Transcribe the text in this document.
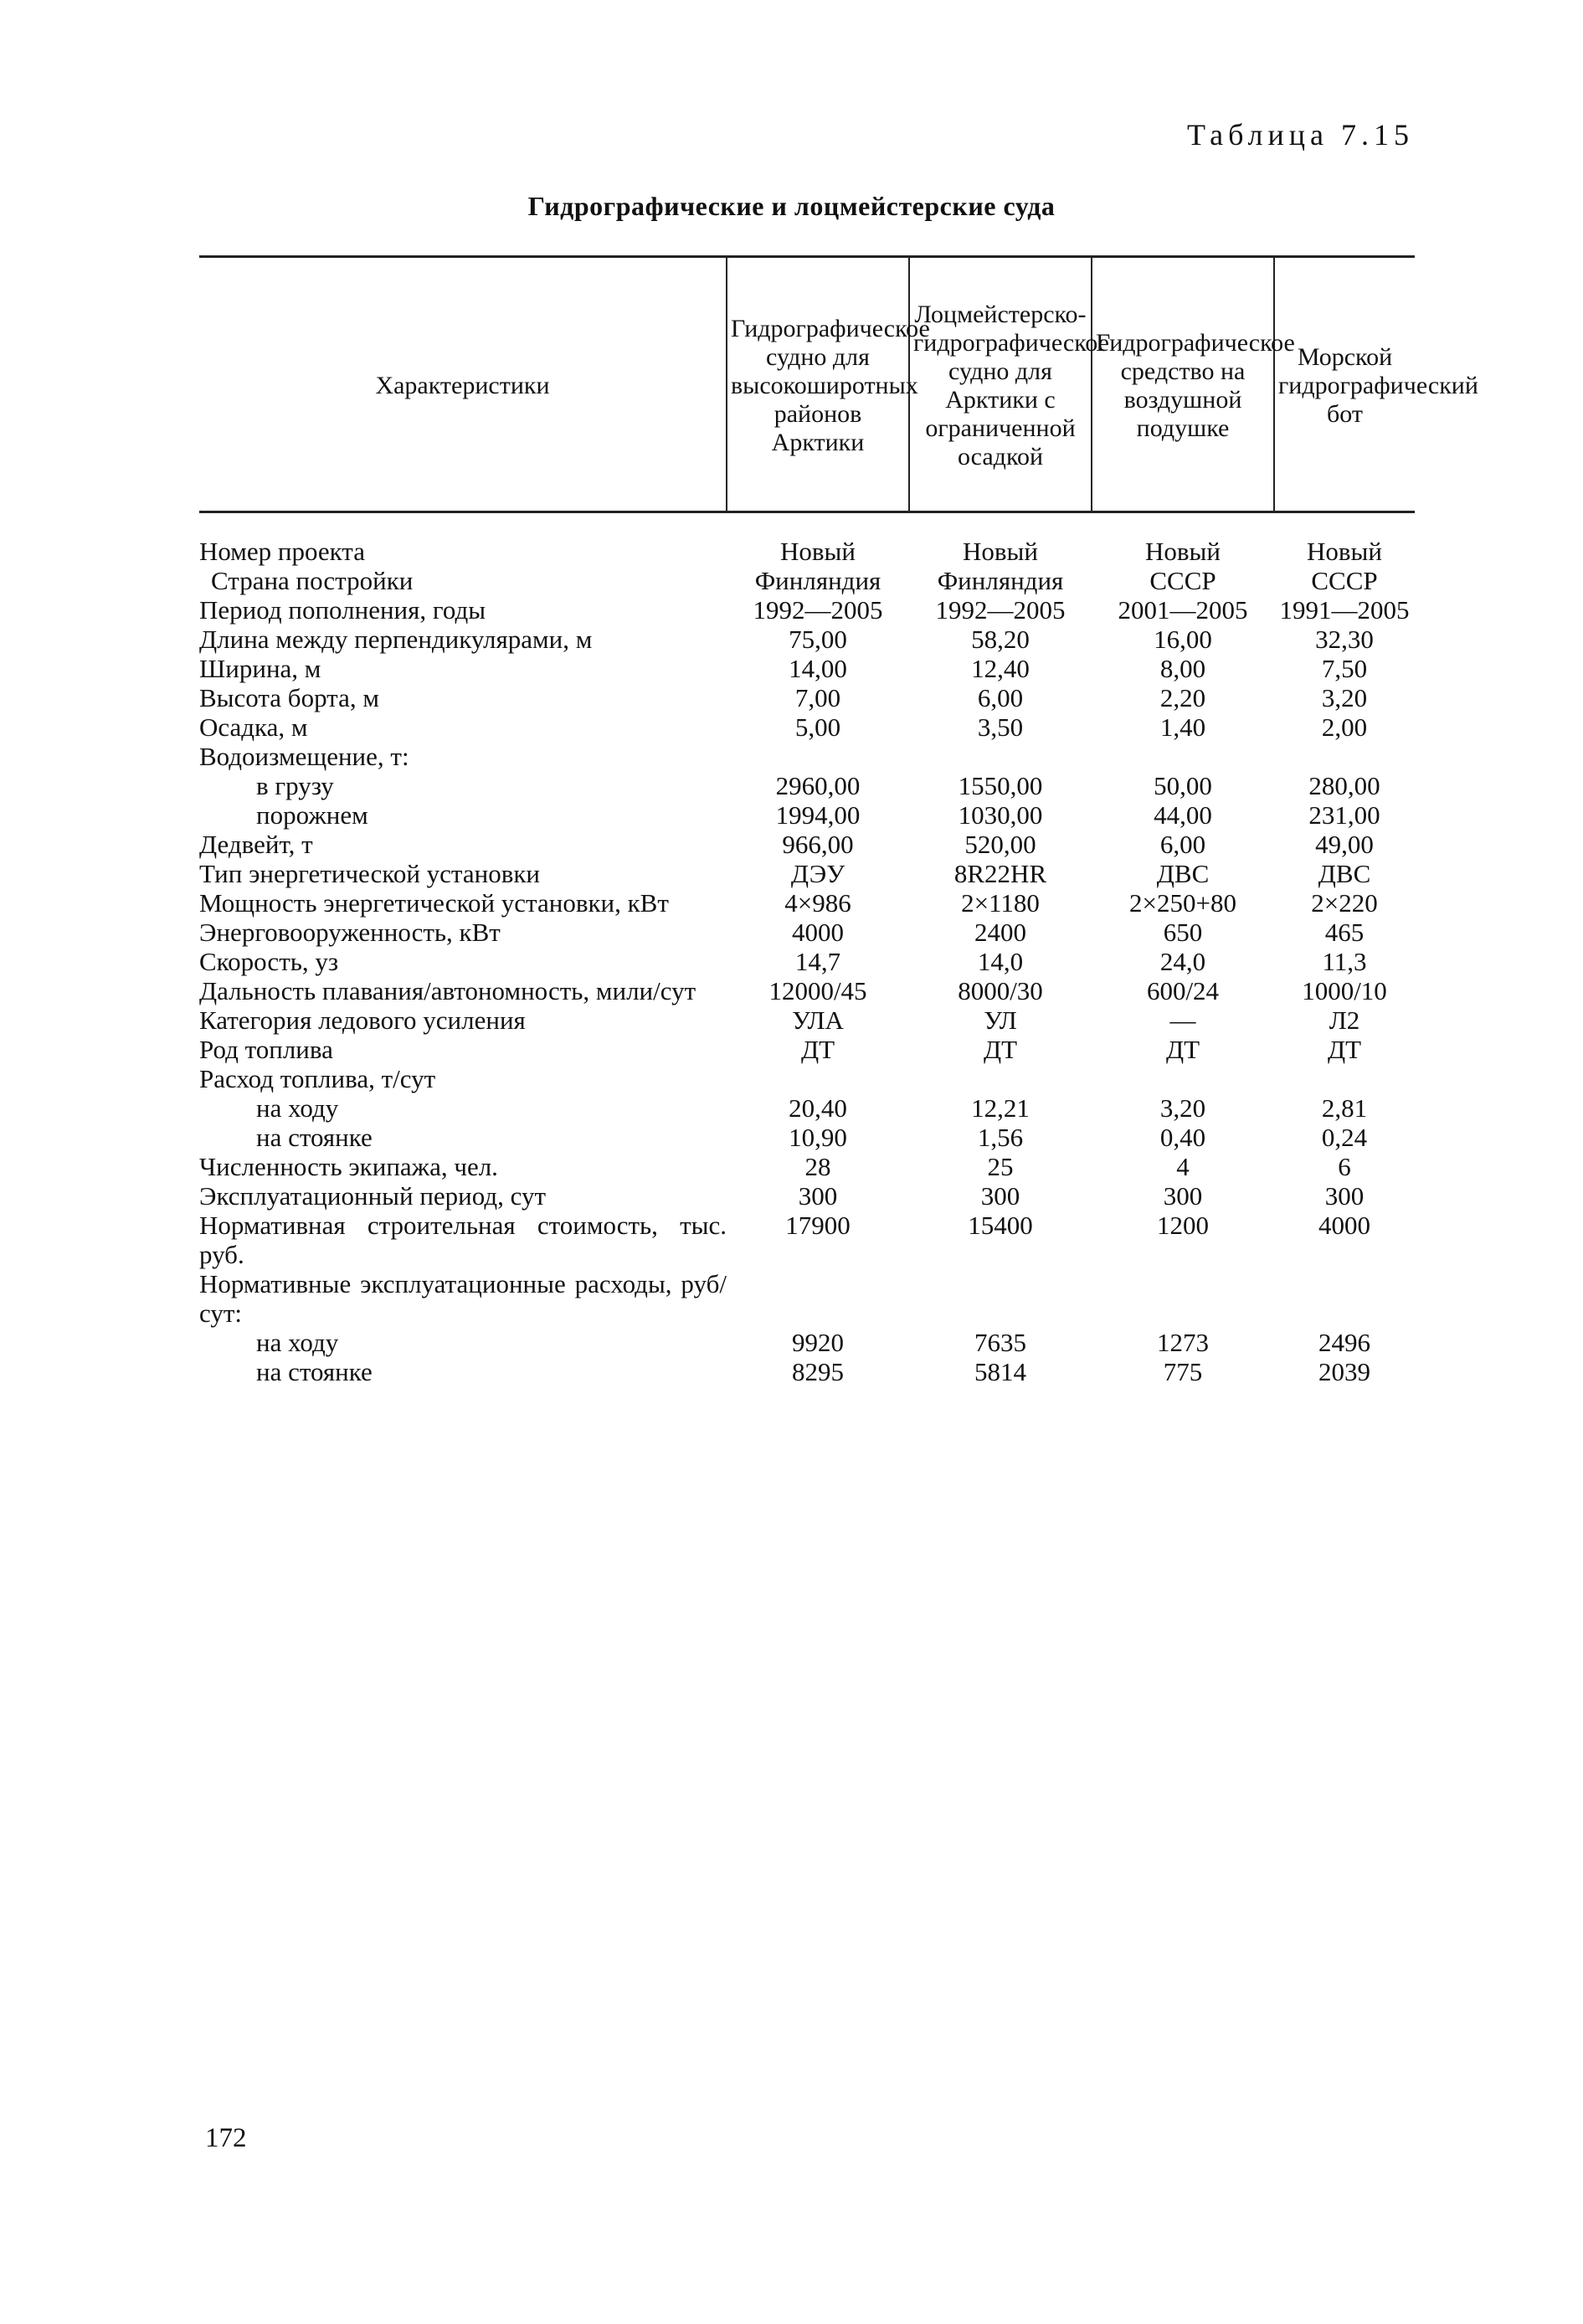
Таблица 7.15
Гидрографические и лоцмейстерские суда
Характеристики	Гидрографическое судно для высокоширотных районов Арктики	Лоцмейстерско-гидрографическое судно для Арктики с ограниченной осадкой	Гидрографическое средство на воздушной подушке	Морской гидрографический бот

Номер проекта	Новый	Новый	Новый	Новый
Страна постройки	Финляндия	Финляндия	СССР	СССР
Период пополнения, годы	1992—2005	1992—2005	2001—2005	1991—2005
Длина между перпендикулярами, м	75,00	58,20	16,00	32,30
Ширина, м	14,00	12,40	8,00	7,50
Высота борта, м	7,00	6,00	2,20	3,20
Осадка, м	5,00	3,50	1,40	2,00
Водоизмещение, т:				
в грузу	2960,00	1550,00	50,00	280,00
порожнем	1994,00	1030,00	44,00	231,00
Дедвейт, т	966,00	520,00	6,00	49,00
Тип энергетической установки	ДЭУ	8R22HR	ДВС	ДВС
Мощность энергетической установки, кВт	4×986	2×1180	2×250+80	2×220
Энерговооруженность, кВт	4000	2400	650	465
Скорость, уз	14,7	14,0	24,0	11,3
Дальность плавания/автономность, мили/сут	12000/45	8000/30	600/24	1000/10
Категория ледового усиления	УЛА	УЛ	—	Л2
Род топлива	ДТ	ДТ	ДТ	ДТ
Расход топлива, т/сут				
на ходу	20,40	12,21	3,20	2,81
на стоянке	10,90	1,56	0,40	0,24
Численность экипажа, чел.	28	25	4	6
Эксплуатационный период, сут	300	300	300	300
Нормативная строительная стоимость, тыс. руб.	17900	15400	1200	4000
Нормативные эксплуатационные расходы, руб/сут:				
на ходу	9920	7635	1273	2496
на стоянке	8295	5814	775	2039
172
